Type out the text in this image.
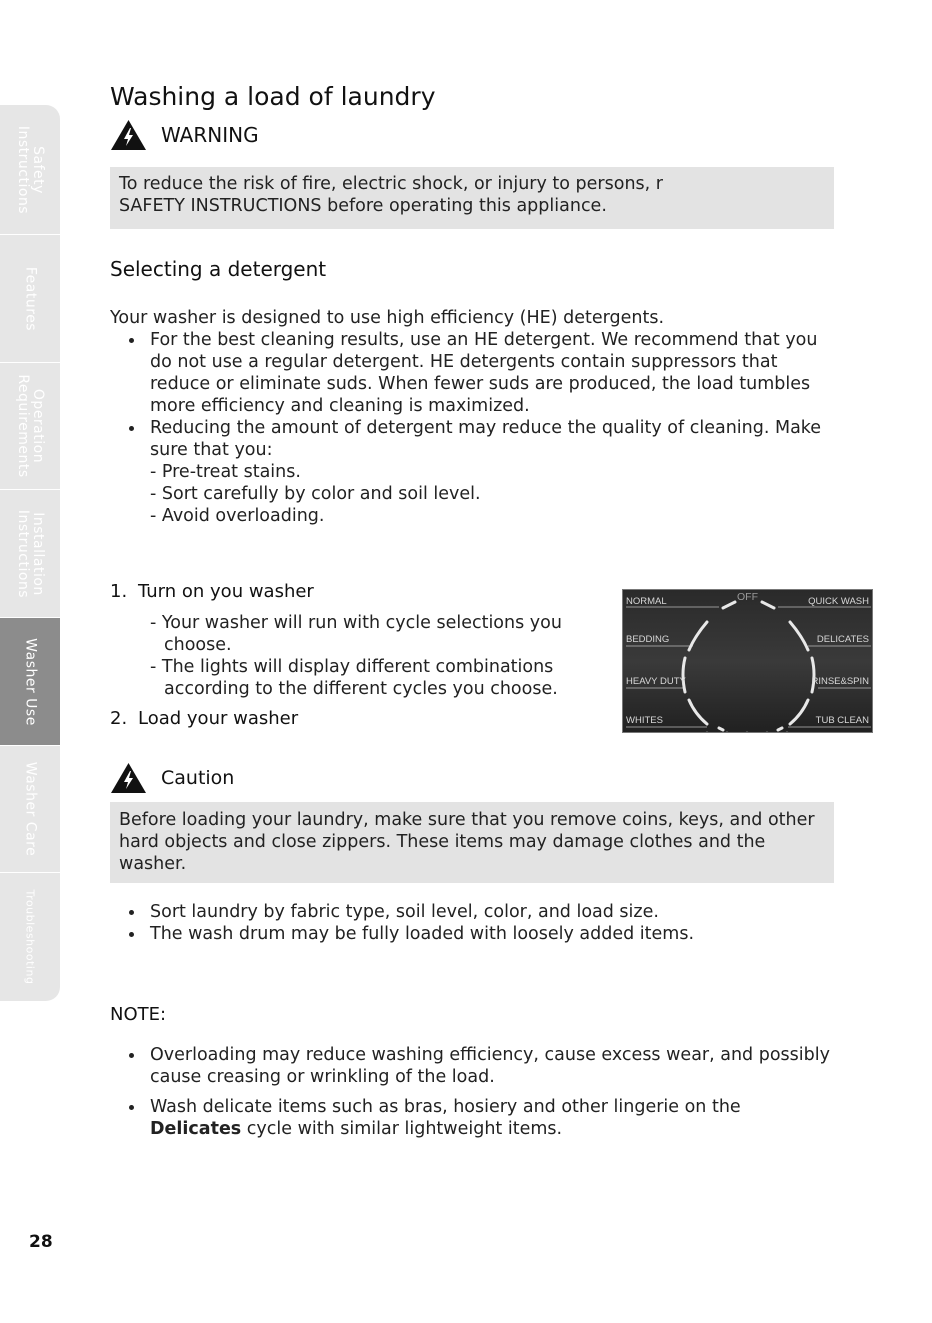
Safety
Instructions
Features
Operation
Requirements
Installation
Instructions
Washer Use
Washer Care
Troubleshooting
Washing a load of laundry
WARNING
To reduce the risk of fire, electric shock, or injury to persons, r
SAFETY INSTRUCTIONS before operating this appliance.
Selecting a detergent

Your washer is designed to use high efficiency (HE) detergents.

For the best cleaning results, use an HE detergent. We recommend that you do not use a regular detergent. HE detergents contain suppressors that reduce or eliminate suds. When fewer suds are produced, the load tumbles more efficiency and cleaning is maximized.
Reducing the amount of detergent may reduce the quality of cleaning. Make sure that you:
- Pre-treat stains.
- Sort carefully by color and soil level.
- Avoid overloading.
1. Turn on you washer
- Your washer will run with cycle selections you choose.
- The lights will display different combinations according to the different cycles you choose.
2. Load your washer
OFF
NORMAL	QUICK WASH
BEDDING	DELICATES
HEAVY DUTY	RINSE&SPIN
WHITES	TUB CLEAN
Caution
Before loading your laundry, make sure that you remove coins, keys, and other hard objects and close zippers. These items may damage clothes and the washer.
Sort laundry by fabric type, soil level, color, and load size.
The wash drum may be fully loaded with loosely added items.
NOTE:
Overloading may reduce washing efficiency, cause excess wear, and possibly cause creasing or wrinkling of the load.
Wash delicate items such as bras, hosiery and other lingerie on the Delicates cycle with similar lightweight items.
28
